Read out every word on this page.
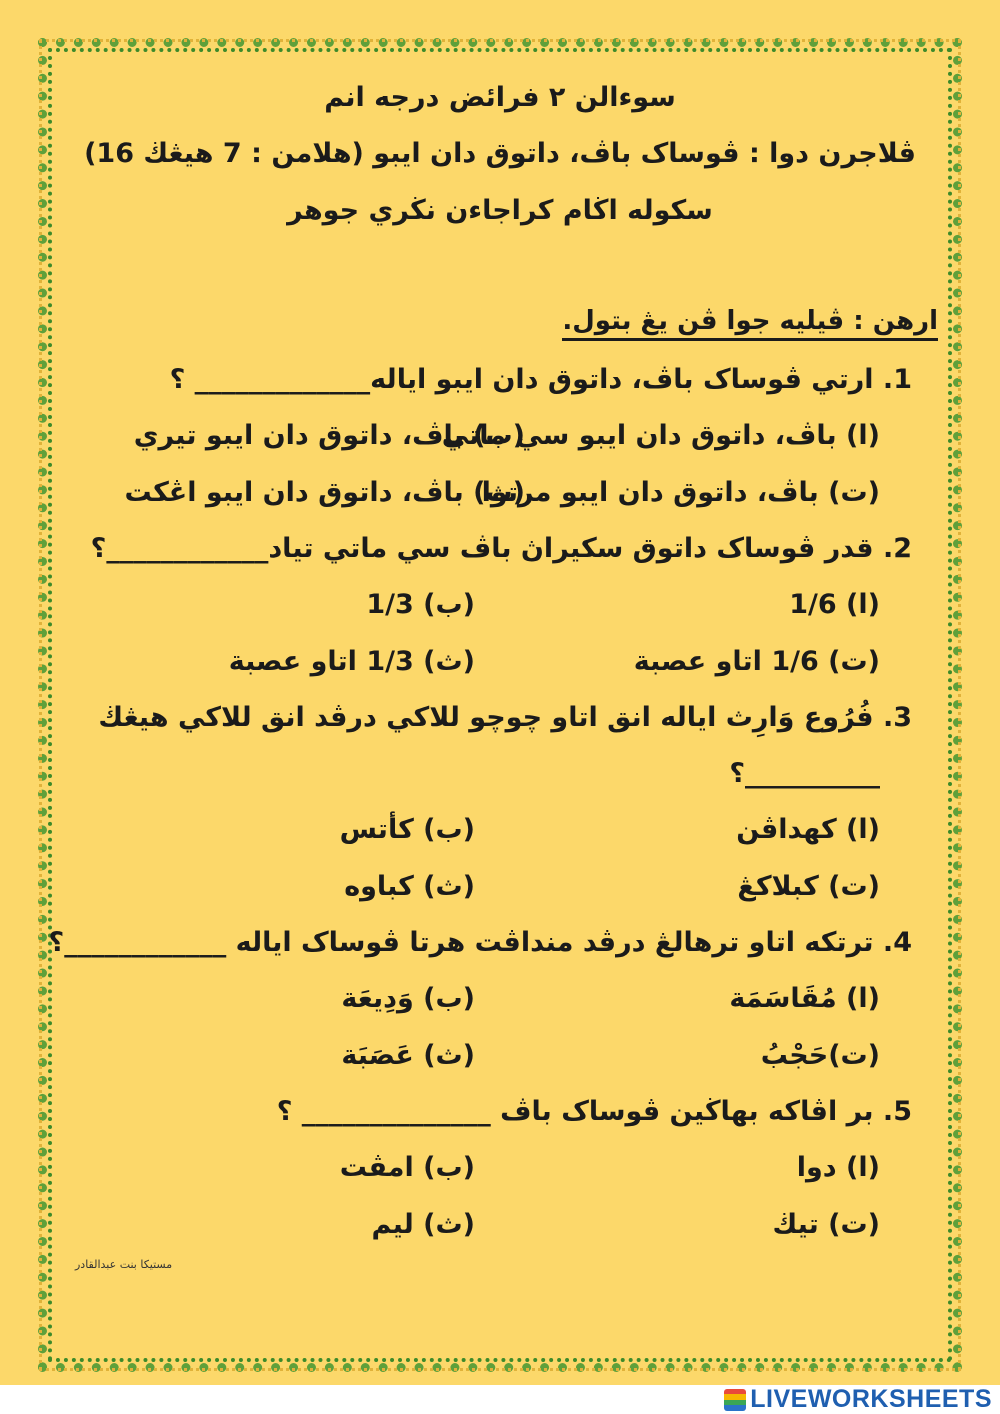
سوءالن ٢ فرائض درجه انم
ڤلاجرن دوا : ڤوساک باڤ، داتوق دان ايبو (هلامن : 7 هيڠڬ 16)
سکوله اڬام کراجاءن نڬري جوهر
ارهن : ڤيليه جوا ڤن يڠ بتول.
1. ارتي ڤوساک باڤ، داتوق دان ايبو اياله_____________ ؟
(ا) باڤ، داتوق دان ايبو سي ماتي
(ب) باڤ، داتوق دان ايبو تيري
(ت) باڤ، داتوق دان ايبو مرتوا
(ث) باڤ، داتوق دان ايبو اڠکت
2. قدر ڤوساک داتوق سکيراڽ باڤ سي ماتي تياد____________؟
(ا) 1/6
(ب) 1/3
(ت) 1/6 اتاو عصبة
(ث) 1/3 اتاو عصبة
3. فُرُوع وَارِث اياله انق اتاو چوچو للاکي درڤد انق للاکي هيڠڬ
__________؟
(ا) کهداڤن
(ب) کأتس
(ت) کبلاکڠ
(ث) کباوه
4. ترتکه اتاو ترهالڠ درڤد منداڤت هرتا ڤوساک اياله ____________؟
(ا) مُقَاسَمَة
(ب) وَدِيعَة
(ت)حَجْبُ
(ث) عَصَبَة
5. بر اڤاکه بهاڬين ڤوساک باڤ ______________ ؟
(ا) دوا
(ب) امڤت
(ت) تيڬ
(ث) ليم
مستيکا بنت عبدالقادر
LIVEWORKSHEETS
